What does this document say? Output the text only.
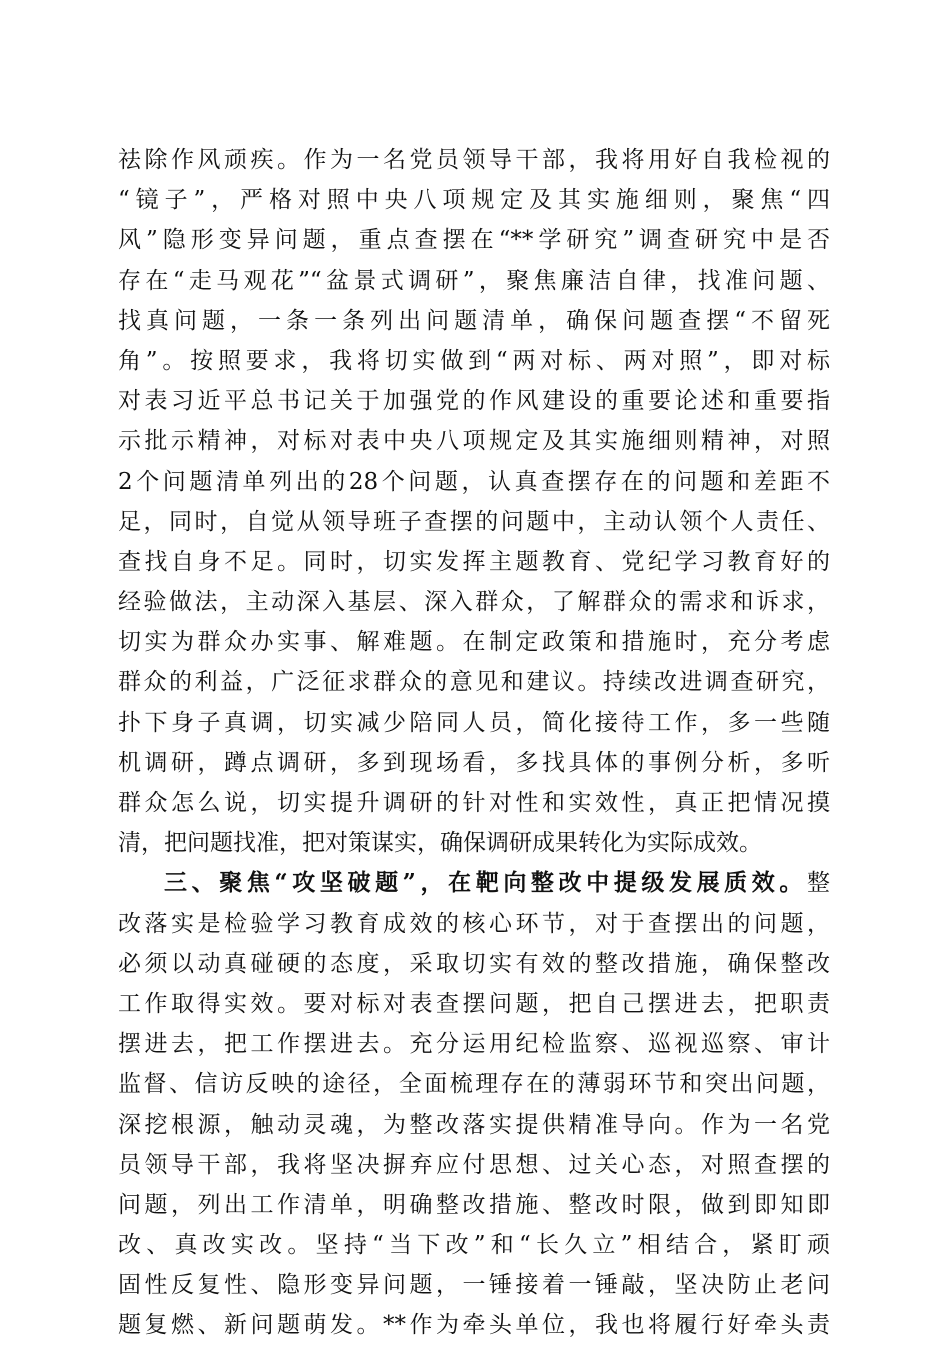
祛除作风顽疾。作为一名党员领导干部，我将用好自我检视的
“镜子”，严格对照中央八项规定及其实施细则，聚焦“四
风”隐形变异问题，重点查摆在“**学研究”调查研究中是否
存在“走马观花”“盆景式调研”，聚焦廉洁自律，找准问题、
找真问题，一条一条列出问题清单，确保问题查摆“不留死
角”。按照要求，我将切实做到“两对标、两对照”，即对标
对表习近平总书记关于加强党的作风建设的重要论述和重要指
示批示精神，对标对表中央八项规定及其实施细则精神，对照
2个问题清单列出的28个问题，认真查摆存在的问题和差距不
足，同时，自觉从领导班子查摆的问题中，主动认领个人责任、
查找自身不足。同时，切实发挥主题教育、党纪学习教育好的
经验做法，主动深入基层、深入群众，了解群众的需求和诉求，
切实为群众办实事、解难题。在制定政策和措施时，充分考虑
群众的利益，广泛征求群众的意见和建议。持续改进调查研究，
扑下身子真调，切实减少陪同人员，简化接待工作，多一些随
机调研，蹲点调研，多到现场看，多找具体的事例分析，多听
群众怎么说，切实提升调研的针对性和实效性，真正把情况摸
清，把问题找准，把对策谋实，确保调研成果转化为实际成效。
三、聚焦“攻坚破题”，在靶向整改中提级发展质效。整
改落实是检验学习教育成效的核心环节，对于查摆出的问题，
必须以动真碰硬的态度，采取切实有效的整改措施，确保整改
工作取得实效。要对标对表查摆问题，把自己摆进去，把职责
摆进去，把工作摆进去。充分运用纪检监察、巡视巡察、审计
监督、信访反映的途径，全面梳理存在的薄弱环节和突出问题，
深挖根源，触动灵魂，为整改落实提供精准导向。作为一名党
员领导干部，我将坚决摒弃应付思想、过关心态，对照查摆的
问题，列出工作清单，明确整改措施、整改时限，做到即知即
改、真改实改。坚持“当下改”和“长久立”相结合，紧盯顽
固性反复性、隐形变异问题，一锤接着一锤敲，坚决防止老问
题复燃、新问题萌发。**作为牵头单位，我也将履行好牵头责
